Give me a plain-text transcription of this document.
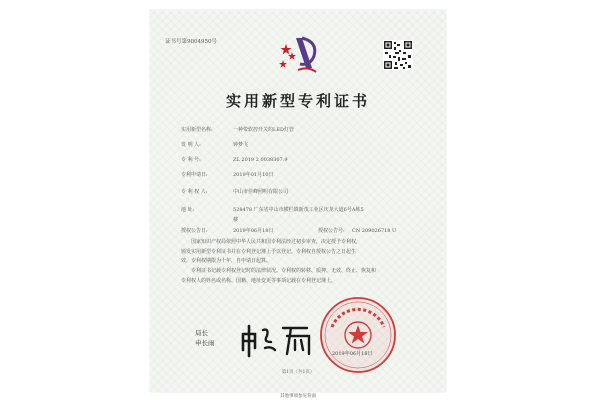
证书号第9004950号
实用新型专利证书
实用新型名称:	一种带软控开关的LED灯管
发 明 人:	钟梦飞
专 利 号:	ZL 2019 2 0038307.9
专利申请日:	2019年01月10日
专 利 权 人:	中山市佳峰照明有限公司
地 址:	528478 广东省中山市横栏镇新茂工业区庆龙大道6号A栋5
楼
授权公告日:	2019年06月18日	授权公告号: CN 209026718 U
国家知识产权局依照中华人民共和国专利法经过初步审查，决定授予专利权，
颁发实用新型专利证书并在专利登记簿上予以登记。专利权自授权公告之日起生
效。专利权期限为十年，自申请日起算。
专利证书记载专利权登记时的法律状况。专利权的转移、质押、无效、终止、恢复和
专利权人的姓名或名称、国籍、地址变更等事项记载在专利登记簿上。
局长
申长雨
2019年06月18日
第1页（共1页）
其他事项参见背面
